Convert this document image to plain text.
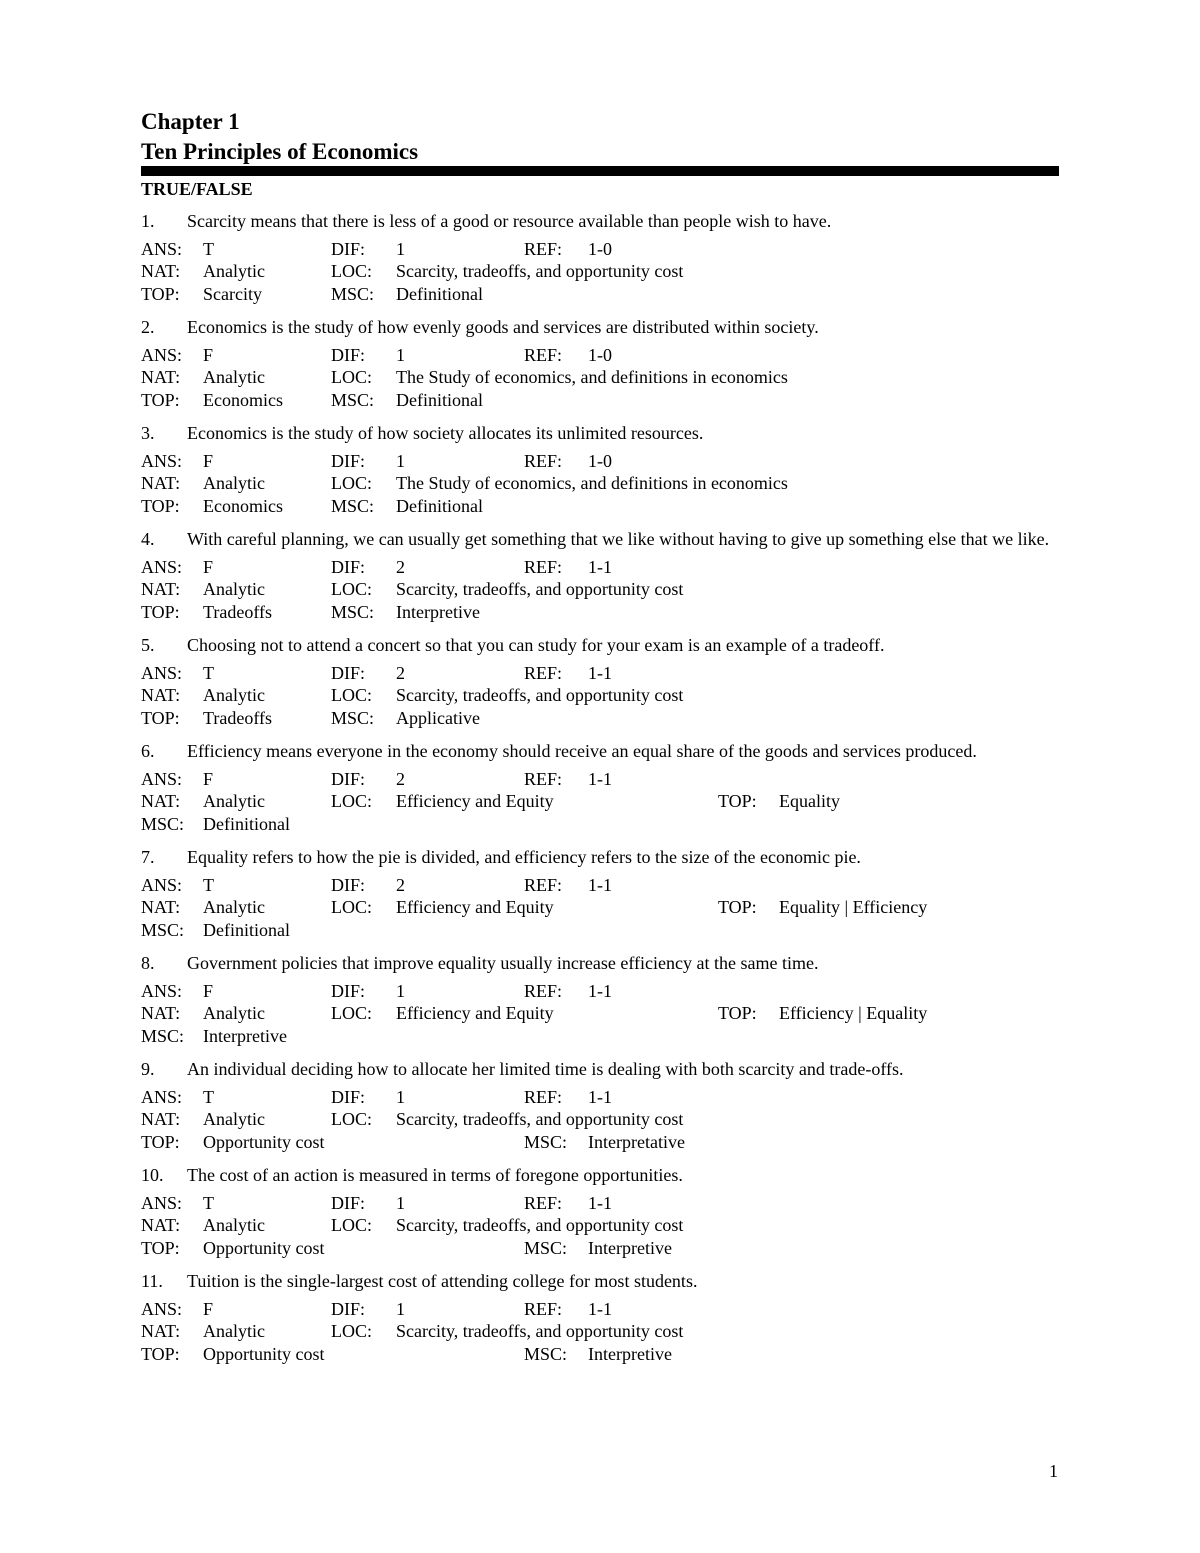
Chapter 1
Ten Principles of Economics
TRUE/FALSE
1. Scarcity means that there is less of a good or resource available than people wish to have.
ANS: T	DIF: 1	REF: 1-0
NAT: Analytic	LOC: Scarcity, tradeoffs, and opportunity cost
TOP: Scarcity	MSC: Definitional
2. Economics is the study of how evenly goods and services are distributed within society.
ANS: F	DIF: 1	REF: 1-0
NAT: Analytic	LOC: The Study of economics, and definitions in economics
TOP: Economics	MSC: Definitional
3. Economics is the study of how society allocates its unlimited resources.
ANS: F	DIF: 1	REF: 1-0
NAT: Analytic	LOC: The Study of economics, and definitions in economics
TOP: Economics	MSC: Definitional
4. With careful planning, we can usually get something that we like without having to give up something else that we like.
ANS: F	DIF: 2	REF: 1-1
NAT: Analytic	LOC: Scarcity, tradeoffs, and opportunity cost
TOP: Tradeoffs	MSC: Interpretive
5. Choosing not to attend a concert so that you can study for your exam is an example of a tradeoff.
ANS: T	DIF: 2	REF: 1-1
NAT: Analytic	LOC: Scarcity, tradeoffs, and opportunity cost
TOP: Tradeoffs	MSC: Applicative
6. Efficiency means everyone in the economy should receive an equal share of the goods and services produced.
ANS: F	DIF: 2	REF: 1-1
NAT: Analytic	LOC: Efficiency and Equity	TOP: Equality
MSC: Definitional
7. Equality refers to how the pie is divided, and efficiency refers to the size of the economic pie.
ANS: T	DIF: 2	REF: 1-1
NAT: Analytic	LOC: Efficiency and Equity	TOP: Equality | Efficiency
MSC: Definitional
8. Government policies that improve equality usually increase efficiency at the same time.
ANS: F	DIF: 1	REF: 1-1
NAT: Analytic	LOC: Efficiency and Equity	TOP: Efficiency | Equality
MSC: Interpretive
9. An individual deciding how to allocate her limited time is dealing with both scarcity and trade-offs.
ANS: T	DIF: 1	REF: 1-1
NAT: Analytic	LOC: Scarcity, tradeoffs, and opportunity cost
TOP: Opportunity cost	MSC: Interpretative
10. The cost of an action is measured in terms of foregone opportunities.
ANS: T	DIF: 1	REF: 1-1
NAT: Analytic	LOC: Scarcity, tradeoffs, and opportunity cost
TOP: Opportunity cost	MSC: Interpretive
11. Tuition is the single-largest cost of attending college for most students.
ANS: F	DIF: 1	REF: 1-1
NAT: Analytic	LOC: Scarcity, tradeoffs, and opportunity cost
TOP: Opportunity cost	MSC: Interpretive
1
